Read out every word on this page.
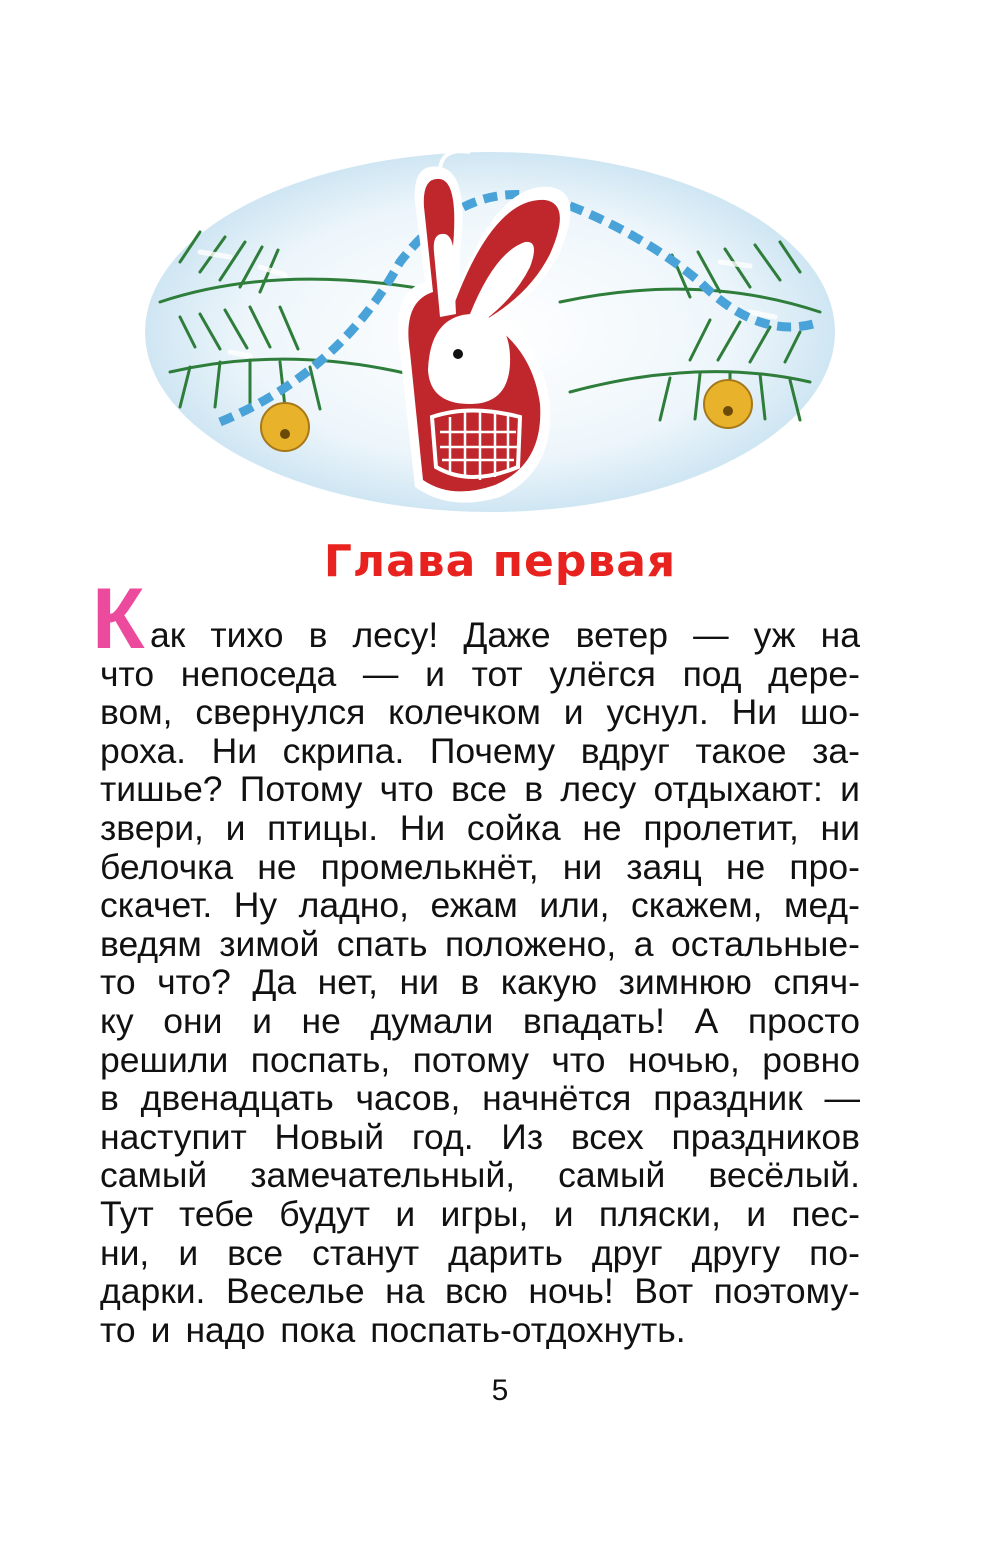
Глава первая
К ак тихо в лесу! Даже ветер — уж на
что непоседа — и тот улёгся под дере-
вом, свернулся колечком и уснул. Ни шо-
роха. Ни скрипа. Почему вдруг такое за-
тишье? Потому что все в лесу отдыхают: и
звери, и птицы. Ни сойка не пролетит, ни
белочка не промелькнёт, ни заяц не про-
скачет. Ну ладно, ежам или, скажем, мед-
ведям зимой спать положено, а остальные-
то что? Да нет, ни в какую зимнюю спяч-
ку они и не думали впадать! А просто
решили поспать, потому что ночью, ровно
в двенадцать часов, начнётся праздник —
наступит Новый год. Из всех праздников
самый замечательный, самый весёлый.
Тут тебе будут и игры, и пляски, и пес-
ни, и все станут дарить друг другу по-
дарки. Веселье на всю ночь! Вот поэтому-
то и надо пока поспать-отдохнуть.
5
